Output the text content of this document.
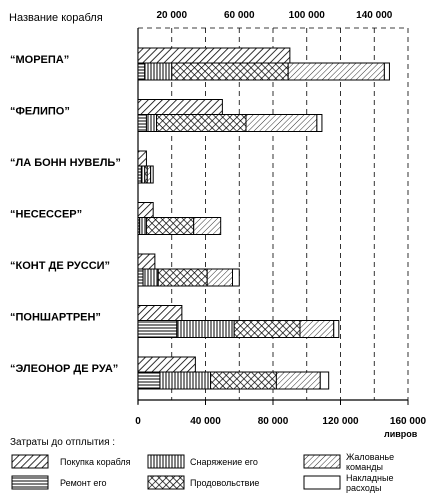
20 000	60 000	100 000	140 000
0	40 000	80 000	120 000	160 000
“МОРЕПА”
“ФЕЛИПО”
“ЛА БОНН НУВЕЛЬ”
“НЕСЕССЕР”
“КОНТ ДЕ РУССИ”
“ПОНШАРТРЕН”
“ЭЛЕОНОР ДЕ РУА”
Название корабля
ливров
Затраты до отплытия :
Покупка корабля	Снаряжение его	Жалованье команды
Ремонт его	Продовольствие	Накладные расходы
